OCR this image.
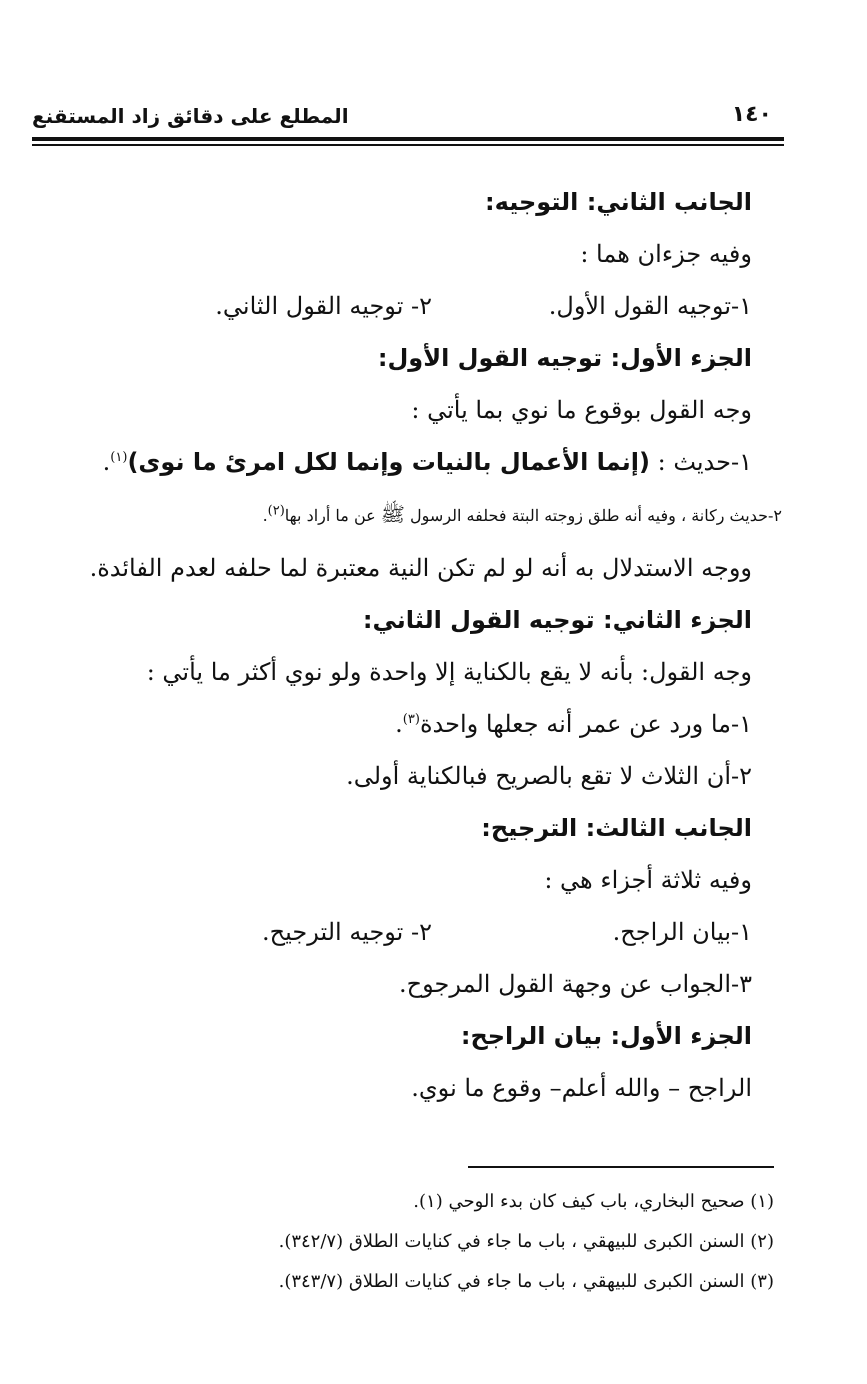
١٤٠
المطلع على دقائق زاد المستقنع
الجانب الثاني: التوجيه:
وفيه جزءان هما :
١-توجيه القول الأول.
٢- توجيه القول الثاني.
الجزء الأول: توجيه القول الأول:
وجه القول بوقوع ما نوي بما يأتي :
١-حديث : (إنما الأعمال بالنيات وإنما لكل امرئ ما نوى)$^{(١)}$.
٢-حديث ركانة ، وفيه أنه طلق زوجته البتة فحلفه الرسول ﷺ عن ما أراد بها$^{(٢)}$.
ووجه الاستدلال به أنه لو لم تكن النية معتبرة لما حلفه لعدم الفائدة.
الجزء الثاني: توجيه القول الثاني:
وجه القول: بأنه لا يقع بالكناية إلا واحدة ولو نوي أكثر ما يأتي :
١-ما ورد عن عمر أنه جعلها واحدة$^{(٣)}$.
٢-أن الثلاث لا تقع بالصريح فبالكناية أولى.
الجانب الثالث: الترجيح:
وفيه ثلاثة أجزاء هي :
١-بيان الراجح.
٢- توجيه الترجيح.
٣-الجواب عن وجهة القول المرجوح.
الجزء الأول: بيان الراجح:
الراجح – والله أعلم– وقوع ما نوي.
(١) صحيح البخاري، باب كيف كان بدء الوحي (١).
(٢) السنن الكبرى للبيهقي ، باب ما جاء في كنايات الطلاق (٣٤٢/٧).
(٣) السنن الكبرى للبيهقي ، باب ما جاء في كنايات الطلاق (٣٤٣/٧).
